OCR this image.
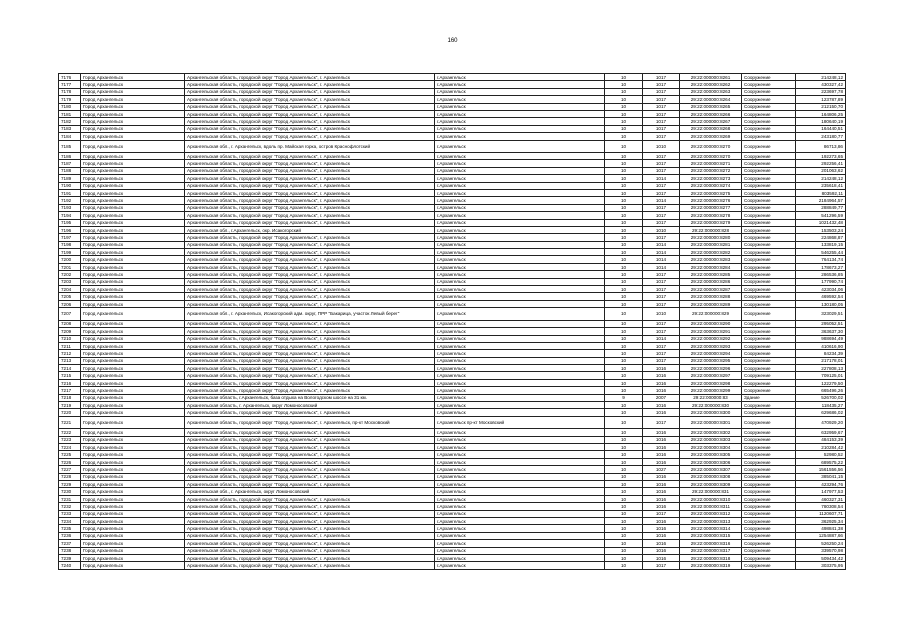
160
7176	Город Архангельск	Архангельская область, городской округ "Город Архангельск", г. Архангельск	г.Архангельск	10	1017	29:22:000000:8261	Сооружение	214248,12
7177	Город Архангельск	Архангельская область, городской округ "Город Архангельск", г. Архангельск	г.Архангельск	10	1017	29:22:000000:8262	Сооружение	430327,42
7178	Город Архангельск	Архангельская область, городской округ "Город Архангельск", г. Архангельск	г.Архангельск	10	1017	29:22:000000:8263	Сооружение	223697,78
7179	Город Архангельск	Архангельская область, городской округ "Город Архангельск", г. Архангельск	г.Архангельск	10	1017	29:22:000000:8264	Сооружение	123787,89
7180	Город Архангельск	Архангельская область, городской округ "Город Архангельск", г. Архангельск	г.Архангельск	10	1017	29:22:000000:8265	Сооружение	212150,70
7181	Город Архангельск	Архангельская область, городской округ "Город Архангельск", г. Архангельск	г.Архангельск	10	1017	29:22:000000:8266	Сооружение	164806,25
7182	Город Архангельск	Архангельская область, городской округ "Город Архангельск", г. Архангельск	г.Архангельск	10	1017	29:22:000000:8267	Сооружение	180640,19
7183	Город Архангельск	Архангельская область, городской округ "Город Архангельск", г. Архангельск	г.Архангельск	10	1017	29:22:000000:8268	Сооружение	164440,51
7184	Город Архангельск	Архангельская область, городской округ "Город Архангельск", г. Архангельск	г.Архангельск	10	1017	29:22:000000:8269	Сооружение	243180,77
7185	Город Архангельск	Архангельская обл., г. Архангельск, вдоль пр. Майская горка, остров Краснофлотский	г.Архангельск	10	1010	29:22:000000:8270	Сооружение	86713,86
7186	Город Архангельск	Архангельская область, городской округ "Город Архангельск", г. Архангельск	г.Архангельск	10	1017	29:22:000000:8270	Сооружение	192273,65
7187	Город Архангельск	Архангельская область, городской округ "Город Архангельск", г. Архангельск	г.Архангельск	10	1017	29:22:000000:8271	Сооружение	292256,41
7188	Город Архангельск	Архангельская область, городской округ "Город Архангельск", г. Архангельск	г.Архангельск	10	1017	29:22:000000:8272	Сооружение	201063,62
7189	Город Архангельск	Архангельская область, городской округ "Город Архангельск", г. Архангельск	г.Архангельск	10	1014	29:22:000000:8273	Сооружение	214248,12
7190	Город Архангельск	Архангельская область, городской округ "Город Архангельск", г. Архангельск	г.Архангельск	10	1017	29:22:000000:8274	Сооружение	235618,41
7191	Город Архангельск	Архангельская область, городской округ "Город Архангельск", г. Архангельск	г.Архангельск	10	1017	29:22:000000:8275	Сооружение	803592,11
7192	Город Архангельск	Архангельская область, городской округ "Город Архангельск", г. Архангельск	г.Архангельск	10	1014	29:22:000000:8276	Сооружение	2184964,57
7193	Город Архангельск	Архангельская область, городской округ "Город Архангельск", г. Архангельск	г.Архангельск	10	1017	29:22:000000:8277	Сооружение	288849,77
7194	Город Архангельск	Архангельская область, городской округ "Город Архангельск", г. Архангельск	г.Архангельск	10	1017	29:22:000000:8278	Сооружение	541296,59
7195	Город Архангельск	Архангельская область, городской округ "Город Архангельск", г. Архангельск	г.Архангельск	10	1017	29:22:000000:8279	Сооружение	1021432,48
7196	Город Архангельск	Архангельская обл., г.Архангельск, окр. Исакогорский	г.Архангельск	10	1010	29:22:000000:828	Сооружение	153503,24
7197	Город Архангельск	Архангельская область, городской округ "Город Архангельск", г. Архангельск	г.Архангельск	10	1017	29:22:000000:8280	Сооружение	224868,87
7198	Город Архангельск	Архангельская область, городской округ "Город Архангельск", г. Архангельск	г.Архангельск	10	1014	29:22:000000:8281	Сооружение	133819,15
7199	Город Архангельск	Архангельская область, городской округ "Город Архангельск", г. Архангельск	г.Архангельск	10	1014	29:22:000000:8282	Сооружение	546255,44
7200	Город Архангельск	Архангельская область, городской округ "Город Архангельск", г. Архангельск	г.Архангельск	10	1014	29:22:000000:8283	Сооружение	764134,74
7201	Город Архангельск	Архангельская область, городской округ "Город Архангельск", г. Архангельск	г.Архангельск	10	1014	29:22:000000:8284	Сооружение	178673,27
7202	Город Архангельск	Архангельская область, городской округ "Город Архангельск", г. Архангельск	г.Архангельск	10	1017	29:22:000000:8285	Сооружение	286536,85
7203	Город Архангельск	Архангельская область, городской округ "Город Архангельск", г. Архангельск	г.Архангельск	10	1017	29:22:000000:8286	Сооружение	177990,74
7204	Город Архангельск	Архангельская область, городской округ "Город Архангельск", г. Архангельск	г.Архангельск	10	1017	29:22:000000:8287	Сооружение	423034,06
7205	Город Архангельск	Архангельская область, городской округ "Город Архангельск", г. Архангельск	г.Архангельск	10	1017	29:22:000000:8288	Сооружение	469592,54
7206	Город Архангельск	Архангельская область, городской округ "Город Архангельск", г. Архангельск	г.Архангельск	10	1017	29:22:000000:8289	Сооружение	130180,05
7207	Город Архангельск	Архангельская обл., г. Архангельск, Исакогорский адм. округ, ПРР "Бакарица, участок Левый берег"	г.Архангельск	10	1010	29:22:000000:829	Сооружение	323029,51
7208	Город Архангельск	Архангельская область, городской округ "Город Архангельск", г. Архангельск	г.Архангельск	10	1017	29:22:000000:8290	Сооружение	295052,51
7209	Город Архангельск	Архангельская область, городской округ "Город Архангельск", г. Архангельск	г.Архангельск	10	1017	29:22:000000:8291	Сооружение	363637,30
7210	Город Архангельск	Архангельская область, городской округ "Город Архангельск", г. Архангельск	г.Архангельск	10	1014	29:22:000000:8292	Сооружение	988694,49
7211	Город Архангельск	Архангельская область, городской округ "Город Архангельск", г. Архангельск	г.Архангельск	10	1017	29:22:000000:8293	Сооружение	410616,90
7212	Город Архангельск	Архангельская область, городской округ "Город Архангельск", г. Архангельск	г.Архангельск	10	1017	29:22:000000:8294	Сооружение	84234,39
7213	Город Архангельск	Архангельская область, городской округ "Город Архангельск", г. Архангельск	г.Архангельск	10	1017	29:22:000000:8295	Сооружение	217178,01
7214	Город Архангельск	Архангельская область, городской округ "Город Архангельск", г. Архангельск	г.Архангельск	10	1016	29:22:000000:8296	Сооружение	227808,13
7215	Город Архангельск	Архангельская область, городской округ "Город Архангельск", г. Архангельск	г.Архангельск	10	1016	29:22:000000:8297	Сооружение	709125,01
7216	Город Архангельск	Архангельская область, городской округ "Город Архангельск", г. Архангельск	г.Архангельск	10	1016	29:22:000000:8298	Сооружение	122279,50
7217	Город Архангельск	Архангельская область, городской округ "Город Архангельск", г. Архангельск	г.Архангельск	10	1016	29:22:000000:8299	Сооружение	665496,26
7218	Город Архангельск	Архангельская область, г.Архангельск, база отдыха на Вологодском шоссе на 31 км.	г.Архангельск	9	2007	29:22:000000:83	Здание	526700,02
7219	Город Архангельск	Архангельская область, г. Архангельск, округ Ломоносовский	г.Архангельск	10	1016	29:22:000000:830	Сооружение	118435,27
7220	Город Архангельск	Архангельская область, городской округ "Город Архангельск", г. Архангельск	г.Архангельск	10	1016	29:22:000000:8300	Сооружение	629686,02
7221	Город Архангельск	Архангельская область, городской округ "Город Архангельск", г. Архангельск, пр-кт Московский	г.Архангельск пр-кт Московский	10	1017	29:22:000000:8301	Сооружение	470929,20
7222	Город Архангельск	Архангельская область, городской округ "Город Архангельск", г. Архангельск	г.Архангельск	10	1016	29:22:000000:8302	Сооружение	632959,67
7223	Город Архангельск	Архангельская область, городской округ "Город Архангельск", г. Архангельск	г.Архангельск	10	1016	29:22:000000:8303	Сооружение	484153,39
7224	Город Архангельск	Архангельская область, городской округ "Город Архангельск", г. Архангельск	г.Архангельск	10	1016	29:22:000000:8304	Сооружение	210284,42
7225	Город Архангельск	Архангельская область, городской округ "Город Архангельск", г. Архангельск	г.Архангельск	10	1016	29:22:000000:8305	Сооружение	52980,52
7226	Город Архангельск	Архангельская область, городской округ "Город Архангельск", г. Архангельск	г.Архангельск	10	1016	29:22:000000:8306	Сооружение	689575,22
7227	Город Архангельск	Архангельская область, городской округ "Город Архангельск", г. Архангельск	г.Архангельск	10	1027	29:22:000000:8307	Сооружение	1561556,56
7228	Город Архангельск	Архангельская область, городской округ "Город Архангельск", г. Архангельск	г.Архангельск	10	1016	29:22:000000:8308	Сооружение	385041,15
7229	Город Архангельск	Архангельская область, городской округ "Город Архангельск", г. Архангельск	г.Архангельск	10	1016	29:22:000000:8309	Сооружение	423294,76
7230	Город Архангельск	Архангельская обл., г. Архангельск, округ Ломоносовский	г.Архангельск	10	1016	29:22:000000:831	Сооружение	147977,53
7231	Город Архангельск	Архангельская область, городской округ "Город Архангельск", г. Архангельск	г.Архангельск	10	1016	29:22:000000:8310	Сооружение	460327,31
7232	Город Архангельск	Архангельская область, городской округ "Город Архангельск", г. Архангельск	г.Архангельск	10	1016	29:22:000000:8311	Сооружение	780308,54
7233	Город Архангельск	Архангельская область, городской округ "Город Архангельск", г. Архангельск	г.Архангельск	10	1017	29:22:000000:8312	Сооружение	1120607,71
7234	Город Архангельск	Архангельская область, городской округ "Город Архангельск", г. Архангельск	г.Архангельск	10	1016	29:22:000000:8313	Сооружение	362925,34
7235	Город Архангельск	Архангельская область, городской округ "Город Архангельск", г. Архангельск	г.Архангельск	10	1016	29:22:000000:8314	Сооружение	498841,38
7236	Город Архангельск	Архангельская область, городской округ "Город Архангельск", г. Архангельск	г.Архангельск	10	1016	29:22:000000:8315	Сооружение	1254887,66
7237	Город Архангельск	Архангельская область, городской округ "Город Архангельск", г. Архангельск	г.Архангельск	10	1016	29:22:000000:8316	Сооружение	526250,24
7238	Город Архангельск	Архангельская область, городской округ "Город Архангельск", г. Архангельск	г.Архангельск	10	1016	29:22:000000:8317	Сооружение	339570,98
7239	Город Архангельск	Архангельская область, городской округ "Город Архангельск", г. Архангельск	г.Архангельск	10	1016	29:22:000000:8318	Сооружение	509434,42
7240	Город Архангельск	Архангельская область, городской округ "Город Архангельск", г. Архангельск	г.Архангельск	10	1017	29:22:000000:8319	Сооружение	303375,95
